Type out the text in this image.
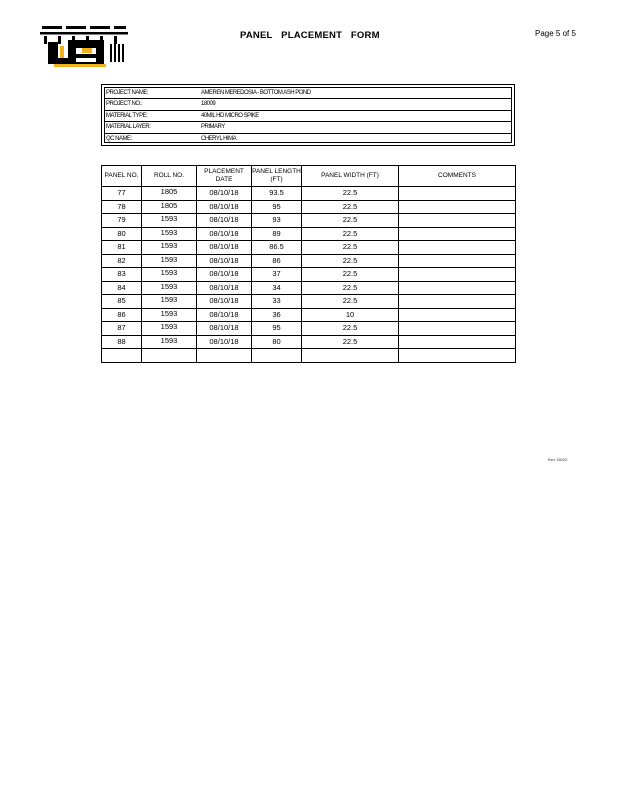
PANEL PLACEMENT FORM	Page 5 of 5
PROJECT NAME:	AMEREN MEREDOSIA - BOTTOM ASH POND
PROJECT NO.:	18009
MATERIAL TYPE:	40MIL HD MICRO SPIKE
MATERIAL LAYER:	PRIMARY
QC NAME:	CHERYL HIMA
PANEL NO.	ROLL NO.	PLACEMENT DATE	PANEL LENGTH (FT)	PANEL WIDTH (FT)	COMMENTS
77	1805	08/10/18	93.5	22.5	
78	1805	08/10/18	95	22.5	
79	1593	08/10/18	93	22.5	
80	1593	08/10/18	89	22.5	
81	1593	08/10/18	86.5	22.5	
82	1593	08/10/18	86	22.5	
83	1593	08/10/18	37	22.5	
84	1593	08/10/18	34	22.5	
85	1593	08/10/18	33	22.5	
86	1593	08/10/18	36	10	
87	1593	08/10/18	95	22.5	
88	1593	08/10/18	80	22.5	

Rev 16020
